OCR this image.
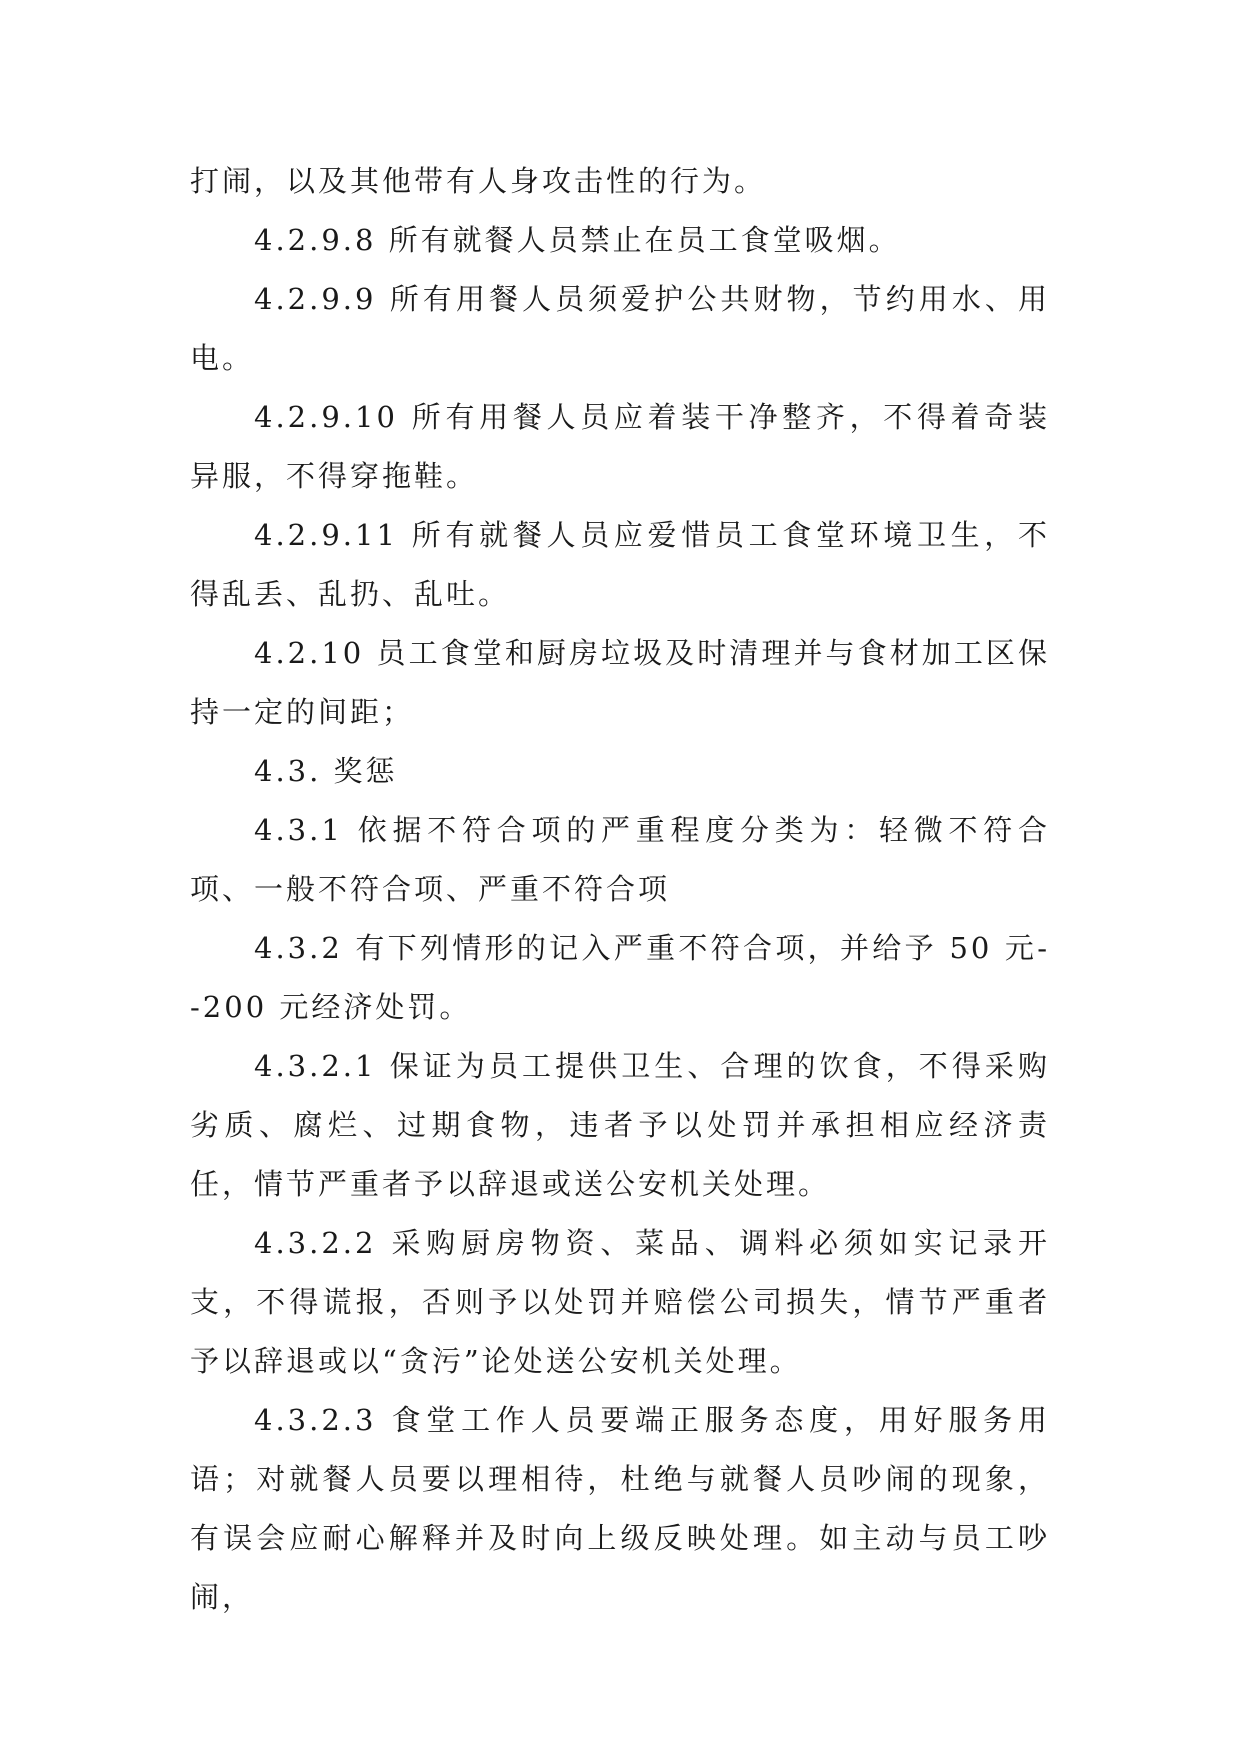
打闹，以及其他带有人身攻击性的行为。

4.2.9.8 所有就餐人员禁止在员工食堂吸烟。

4.2.9.9 所有用餐人员须爱护公共财物，节约用水、用电。

4.2.9.10 所有用餐人员应着装干净整齐，不得着奇装异服，不得穿拖鞋。

4.2.9.11 所有就餐人员应爱惜员工食堂环境卫生，不得乱丢、乱扔、乱吐。

4.2.10 员工食堂和厨房垃圾及时清理并与食材加工区保持一定的间距；

4.3. 奖惩

4.3.1 依据不符合项的严重程度分类为：轻微不符合项、一般不符合项、严重不符合项

4.3.2 有下列情形的记入严重不符合项，并给予 50 元--200 元经济处罚。

4.3.2.1 保证为员工提供卫生、合理的饮食，不得采购劣质、腐烂、过期食物，违者予以处罚并承担相应经济责任，情节严重者予以辞退或送公安机关处理。

4.3.2.2 采购厨房物资、菜品、调料必须如实记录开支，不得谎报，否则予以处罚并赔偿公司损失，情节严重者予以辞退或以“贪污”论处送公安机关处理。

4.3.2.3 食堂工作人员要端正服务态度，用好服务用语；对就餐人员要以理相待，杜绝与就餐人员吵闹的现象，有误会应耐心解释并及时向上级反映处理。如主动与员工吵闹，
